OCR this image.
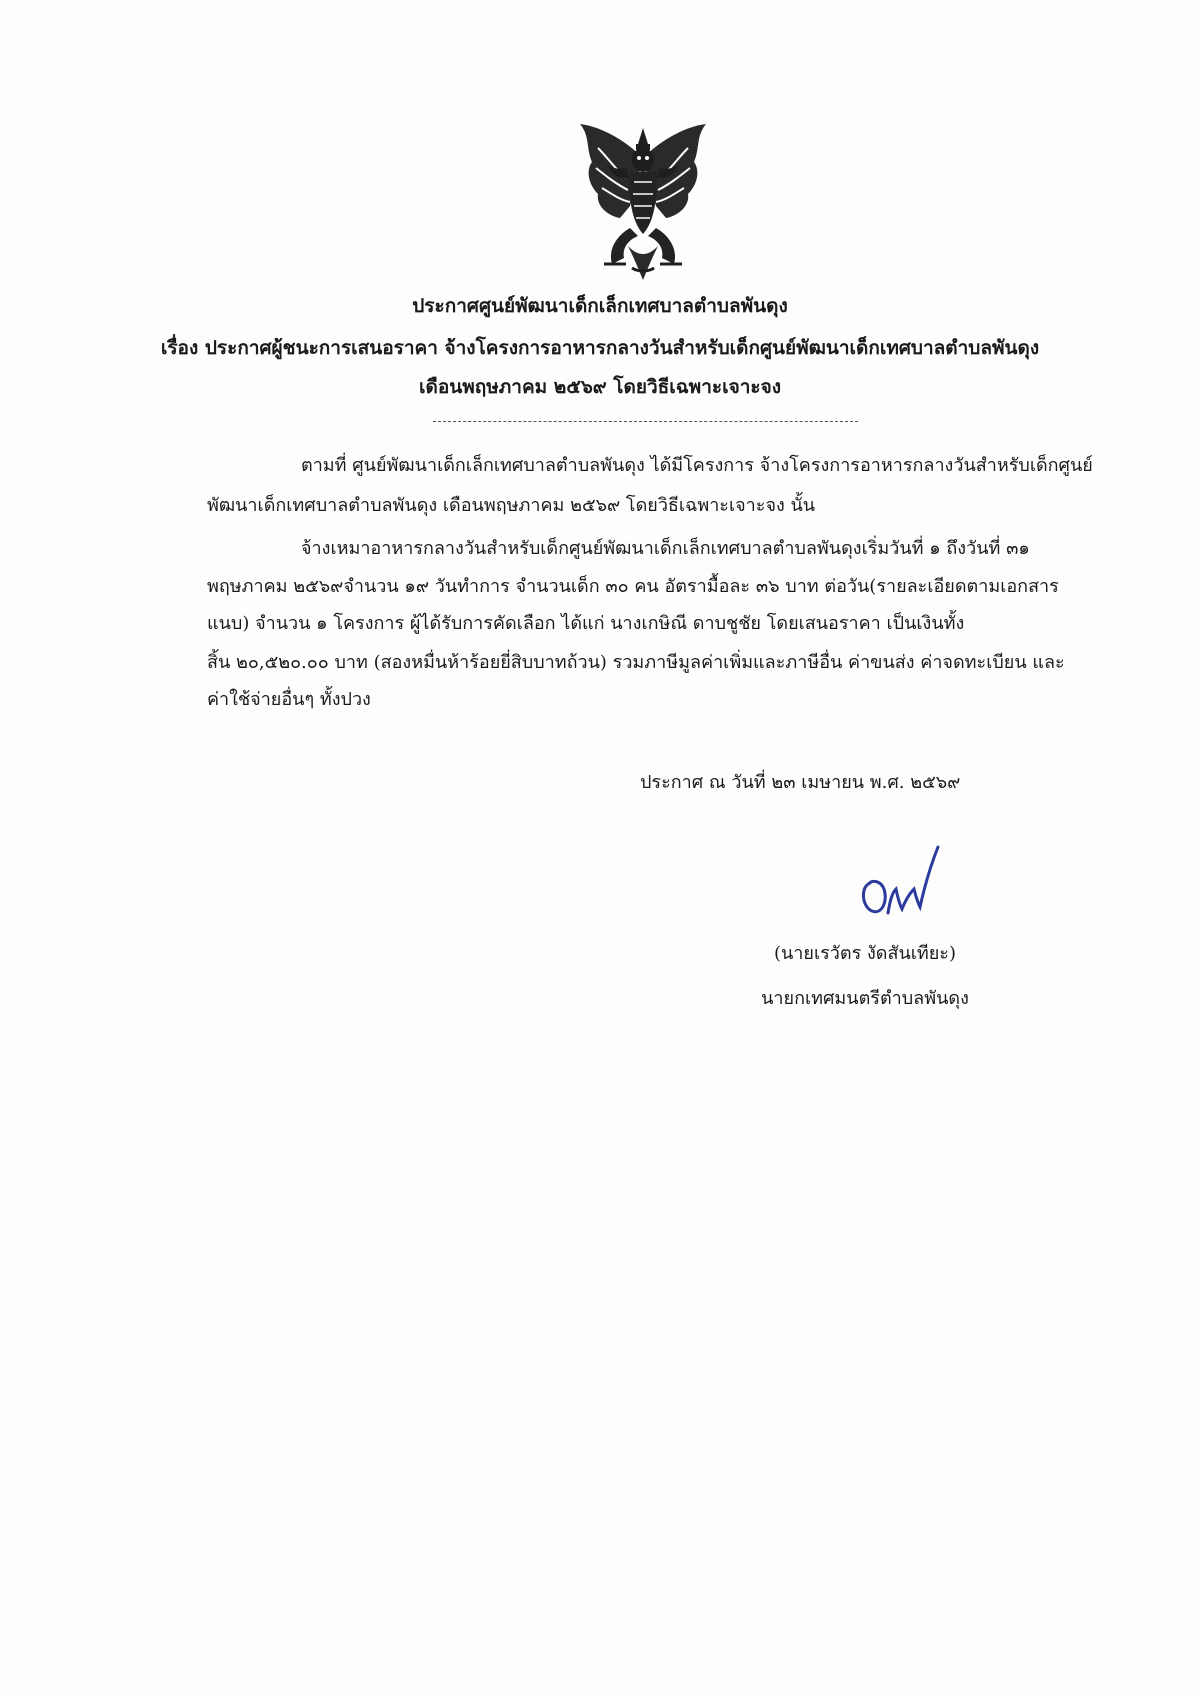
ประกาศศูนย์พัฒนาเด็กเล็กเทศบาลตำบลพันดุง
เรื่อง ประกาศผู้ชนะการเสนอราคา จ้างโครงการอาหารกลางวันสำหรับเด็กศูนย์พัฒนาเด็กเทศบาลตำบลพันดุง
เดือนพฤษภาคม ๒๕๖๙ โดยวิธีเฉพาะเจาะจง
ตามที่ ศูนย์พัฒนาเด็กเล็กเทศบาลตำบลพันดุง ได้มีโครงการ จ้างโครงการอาหารกลางวันสำหรับเด็กศูนย์
พัฒนาเด็กเทศบาลตำบลพันดุง เดือนพฤษภาคม ๒๕๖๙ โดยวิธีเฉพาะเจาะจง นั้น
จ้างเหมาอาหารกลางวันสำหรับเด็กศูนย์พัฒนาเด็กเล็กเทศบาลตำบลพันดุงเริ่มวันที่ ๑ ถึงวันที่ ๓๑
พฤษภาคม ๒๕๖๙จำนวน ๑๙ วันทำการ จำนวนเด็ก ๓๐ คน อัตรามื้อละ ๓๖ บาท ต่อวัน(รายละเอียดตามเอกสาร
แนบ) จำนวน ๑ โครงการ ผู้ได้รับการคัดเลือก ได้แก่ นางเกษิณี ดาบชูชัย โดยเสนอราคา เป็นเงินทั้ง
สิ้น ๒๐,๕๒๐.๐๐ บาท (สองหมื่นห้าร้อยยี่สิบบาทถ้วน) รวมภาษีมูลค่าเพิ่มและภาษีอื่น ค่าขนส่ง ค่าจดทะเบียน และ
ค่าใช้จ่ายอื่นๆ ทั้งปวง
ประกาศ ณ วันที่ ๒๓ เมษายน พ.ศ. ๒๕๖๙
(นายเรวัตร งัดสันเทียะ)
นายกเทศมนตรีตำบลพันดุง
